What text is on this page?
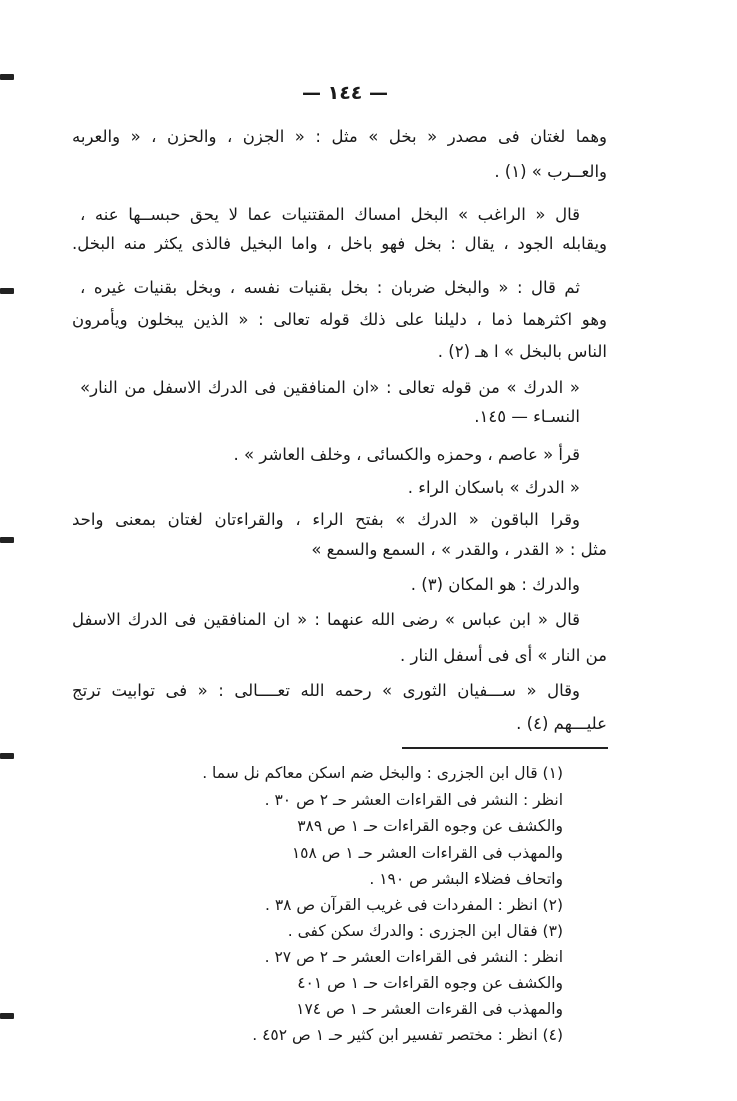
— ١٤٤ —
وهما لغتان فى مصدر « بخل » مثل : « الجزن ، والحزن ، « والعربه
والعــرب » (١) .
قال « الراغب » البخل امساك المقتنيات عما لا يحق حبســها عنه ،
ويقابله الجود ، يقال : بخل فهو باخل ، واما البخيل فالذى يكثر منه البخل.
ثم قال : « والبخل ضربان : بخل بقنيات نفسه ، وبخل بقنيات غيره ،
وهو اكثرهما ذما ، دليلنا على ذلك قوله تعالى : « الذين يبخلون ويأمرون
الناس بالبخل » ا هـ (٢) .
« الدرك » من قوله تعالى : «ان المنافقين فى الدرك الاسفل من النار»
النسـاء — ١٤٥.
قرأ « عاصم ، وحمزه والكسائى ، وخلف العاشر » .
« الدرك » باسكان الراء .
وقرا الباقون « الدرك » بفتح الراء ، والقراءتان لغتان بمعنى واحد
مثل : « القدر ، والقدر » ، السمع والسمع »
والدرك : هو المكان (٣) .
قال « ابن عباس » رضى الله عنهما : « ان المنافقين فى الدرك الاسفل
من النار » أى فى أسفل النار .
وقال « ســـفيان الثورى » رحمه الله تعــــالى : « فى توابيت ترتج
عليـــهم (٤) .
(١) قال ابن الجزرى : والبخل ضم اسكن معاكم نل سما .
انظر : النشر فى القراءات العشر حـ ٢ ص ٣٠ .
والكشف عن وجوه القراءات حـ ١ ص ٣٨٩
والمهذب فى القراءات العشر حـ ١ ص ١٥٨
واتحاف فضلاء البشر ص ١٩٠ .
(٢) انظر : المفردات فى غريب القرآن ص ٣٨ .
(٣) فقال ابن الجزرى : والدرك سكن كفى .
انظر : النشر فى القراءات العشر حـ ٢ ص ٢٧ .
والكشف عن وجوه القراءات حـ ١ ص ٤٠١
والمهذب فى القرءات العشر حـ ١ ص ١٧٤
(٤) انظر : مختصر تفسير ابن كثير حـ ١ ص ٤٥٢ .
